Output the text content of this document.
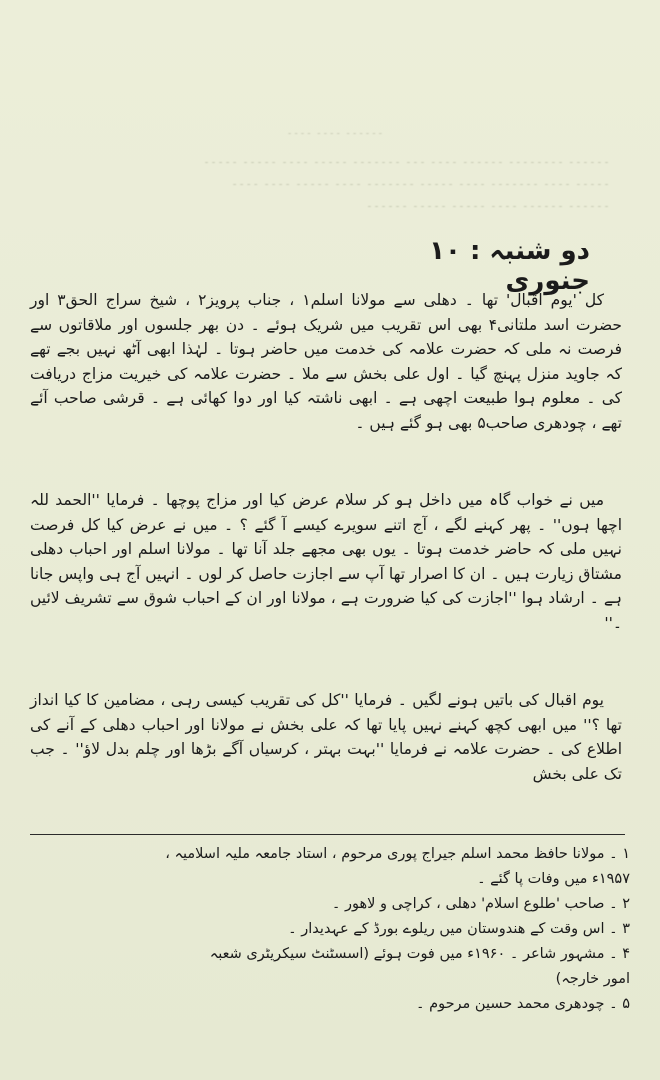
۔۔۔۔۔۔ ۔۔۔۔ ۔۔۔۔
۔۔۔۔۔۔ ۔۔۔۔۔۔۔۔ ۔۔۔۔۔۔ ۔۔۔۔ ۔۔۔ ۔۔۔۔۔۔۔ ۔۔۔۔۔ ۔۔۔۔ ۔۔۔۔۔ ۔۔۔۔۔
۔۔۔۔۔ ۔۔۔۔ ۔۔۔۔۔۔۔ ۔۔۔۔ ۔۔۔۔۔ ۔۔۔۔۔۔۔ ۔۔۔۔ ۔۔۔۔۔ ۔۔۔۔ ۔۔۔۔
۔۔۔۔۔۔ ۔۔۔۔۔۔ ۔۔۔۔ ۔۔۔۔۔ ۔۔۔۔۔ ۔۔۔۔۔۔
دو شنبہ : ۱۰ جنوری

کل 'یوم اقبال' تھا ۔ دھلی سے مولانا اسلم۱ ، جناب پرویز۲ ، شیخ سراج الحق۳ اور حضرت اسد ملتانی۴ بھی اس تقریب میں شریک ہوئے ۔ دن بھر جلسوں اور ملاقاتوں سے فرصت نہ ملی کہ حضرت علامہ کی خدمت میں حاضر ہوتا ۔ لہٰذا ابھی آٹھ نہیں بجے تھے کہ جاوید منزل پہنچ گیا ۔ اول علی بخش سے ملا ۔ حضرت علامہ کی خیریت مزاج دریافت کی ۔ معلوم ہوا طبیعت اچھی ہے ۔ ابھی ناشتہ کیا اور دوا کھائی ہے ۔ قرشی صاحب آئے تھے ، چودھری صاحب۵ بھی ہو گئے ہیں ۔

میں نے خواب گاہ میں داخل ہو کر سلام عرض کیا اور مزاج پوچھا ۔ فرمایا ''الحمد للہ اچھا ہوں'' ۔ پھر کہنے لگے ، آج اتنے سویرے کیسے آ گئے ؟ ۔ میں نے عرض کیا کل فرصت نہیں ملی کہ حاضر خدمت ہوتا ۔ یوں بھی مجھے جلد آنا تھا ۔ مولانا اسلم اور احباب دھلی مشتاق زیارت ہیں ۔ ان کا اصرار تھا آپ سے اجازت حاصل کر لوں ۔ انہیں آج ہی واپس جانا ہے ۔ ارشاد ہوا ''اجازت کی کیا ضرورت ہے ، مولانا اور ان کے احباب شوق سے تشریف لائیں ۔''

یوم اقبال کی باتیں ہونے لگیں ۔ فرمایا ''کل کی تقریب کیسی رہی ، مضامین کا کیا انداز تھا ؟'' میں ابھی کچھ کہنے نہیں پایا تھا کہ علی بخش نے مولانا اور احباب دھلی کے آنے کی اطلاع کی ۔ حضرت علامہ نے فرمایا ''بہت بہتر ، کرسیاں آگے بڑھا اور چلم بدل لاؤ'' ۔ جب تک علی بخش

۱ ۔ مولانا حافظ محمد اسلم جیراج پوری مرحوم ، استاد جامعہ ملیہ اسلامیہ ،

۱۹۵۷ء میں وفات پا گئے ۔

۲ ۔ صاحب 'طلوع اسلام' دھلی ، کراچی و لاھور ۔

۳ ۔ اس وقت کے ھندوستان میں ریلوے بورڈ کے عہدیدار ۔

۴ ۔ مشہور شاعر ۔ ۱۹۶۰ء میں فوت ہوئے (اسسٹنٹ سیکریٹری شعبہ

امور خارجہ)

۵ ۔ چودھری محمد حسین مرحوم ۔
